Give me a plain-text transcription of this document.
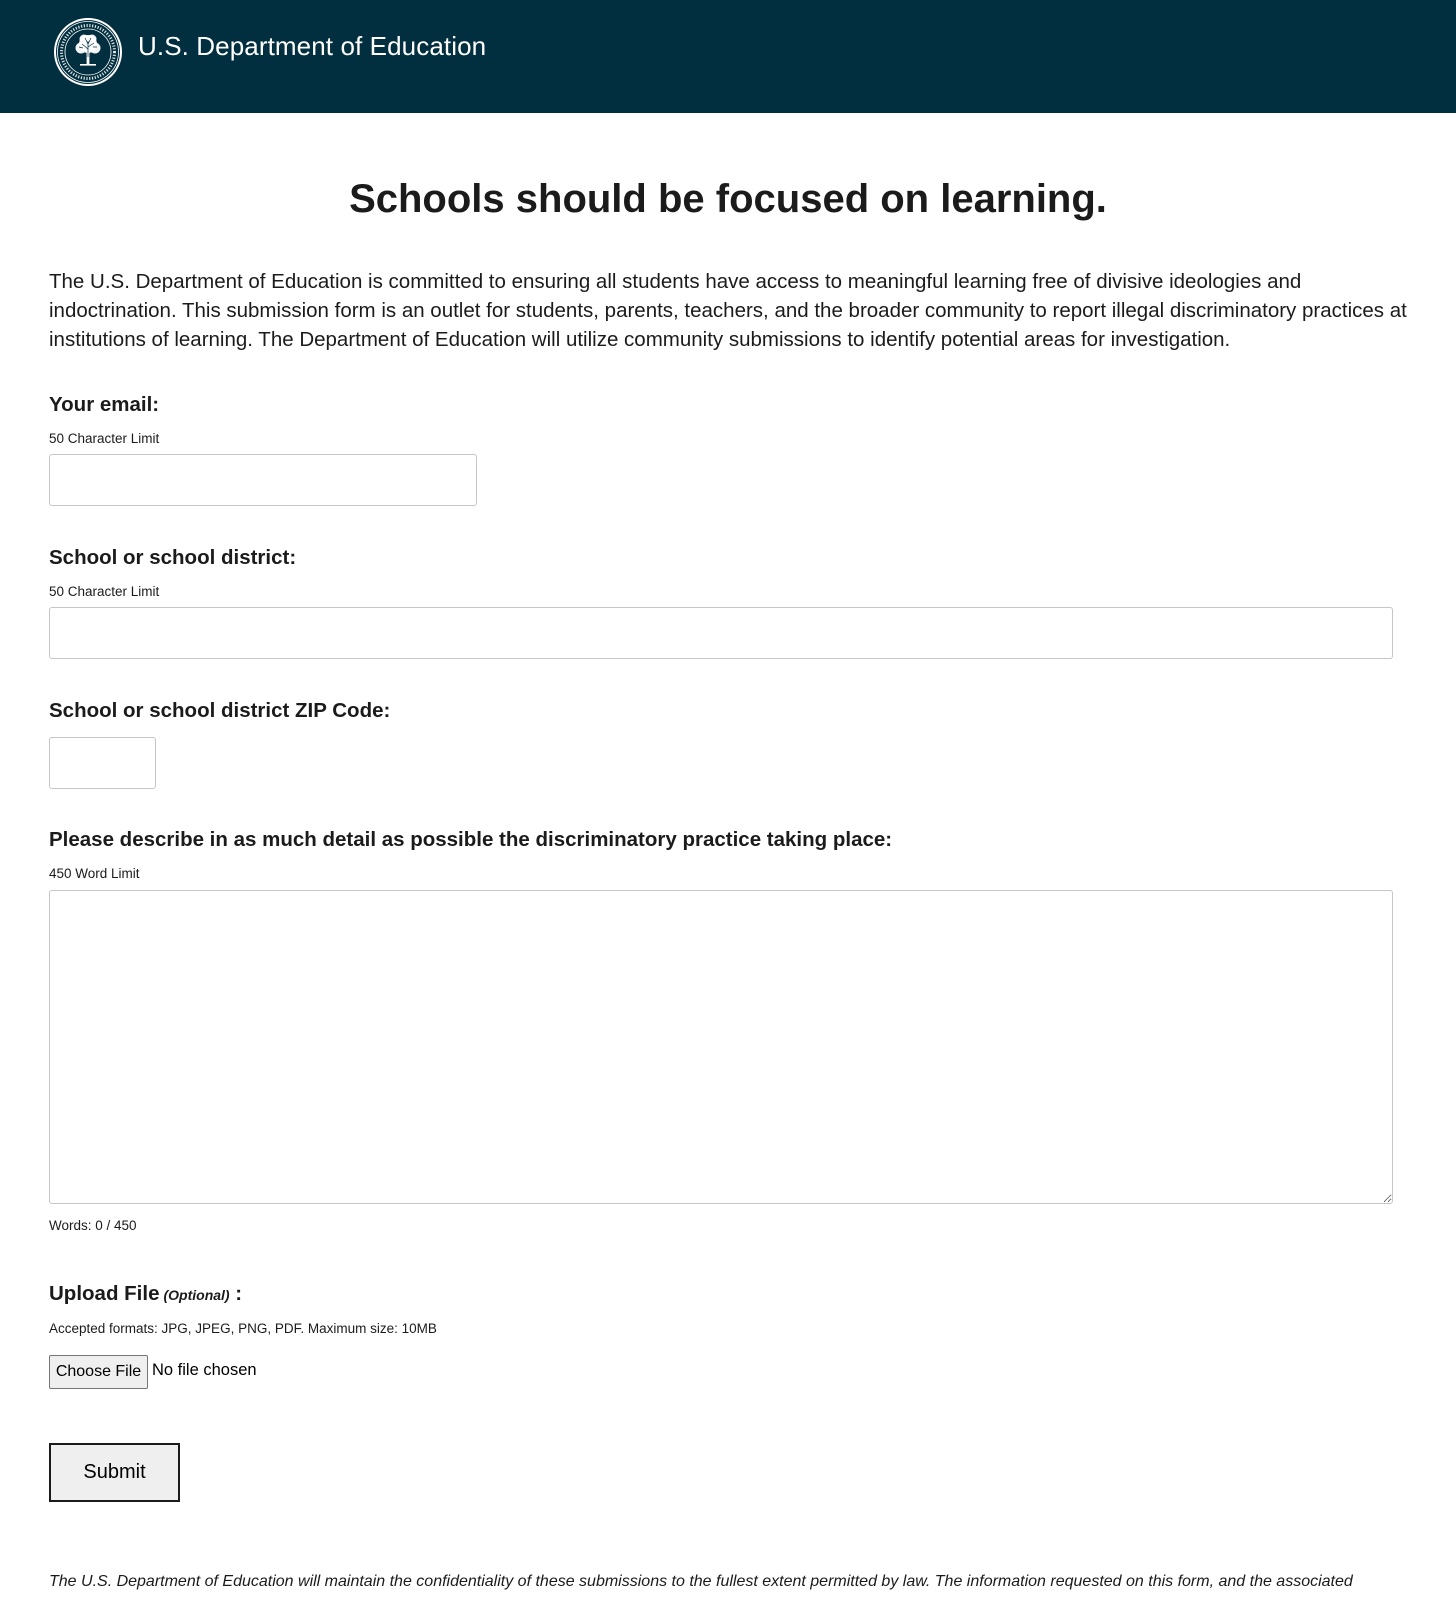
U.S. Department of Education
Schools should be focused on learning.

The U.S. Department of Education is committed to ensuring all students have access to meaningful learning free of divisive ideologies and indoctrination. This submission form is an outlet for students, parents, teachers, and the broader community to report illegal discriminatory practices at institutions of learning. The Department of Education will utilize community submissions to identify potential areas for investigation.

Your email:
50 Character Limit
School or school district:
50 Character Limit
School or school district ZIP Code:
Please describe in as much detail as possible the discriminatory practice taking place:
450 Word Limit
Words: 0 / 450
Upload File (Optional) :
Accepted formats: JPG, JPEG, PNG, PDF. Maximum size: 10MB
Choose File No file chosen
Submit

The U.S. Department of Education will maintain the confidentiality of these submissions to the fullest extent permitted by law. The information requested on this form, and the associated
